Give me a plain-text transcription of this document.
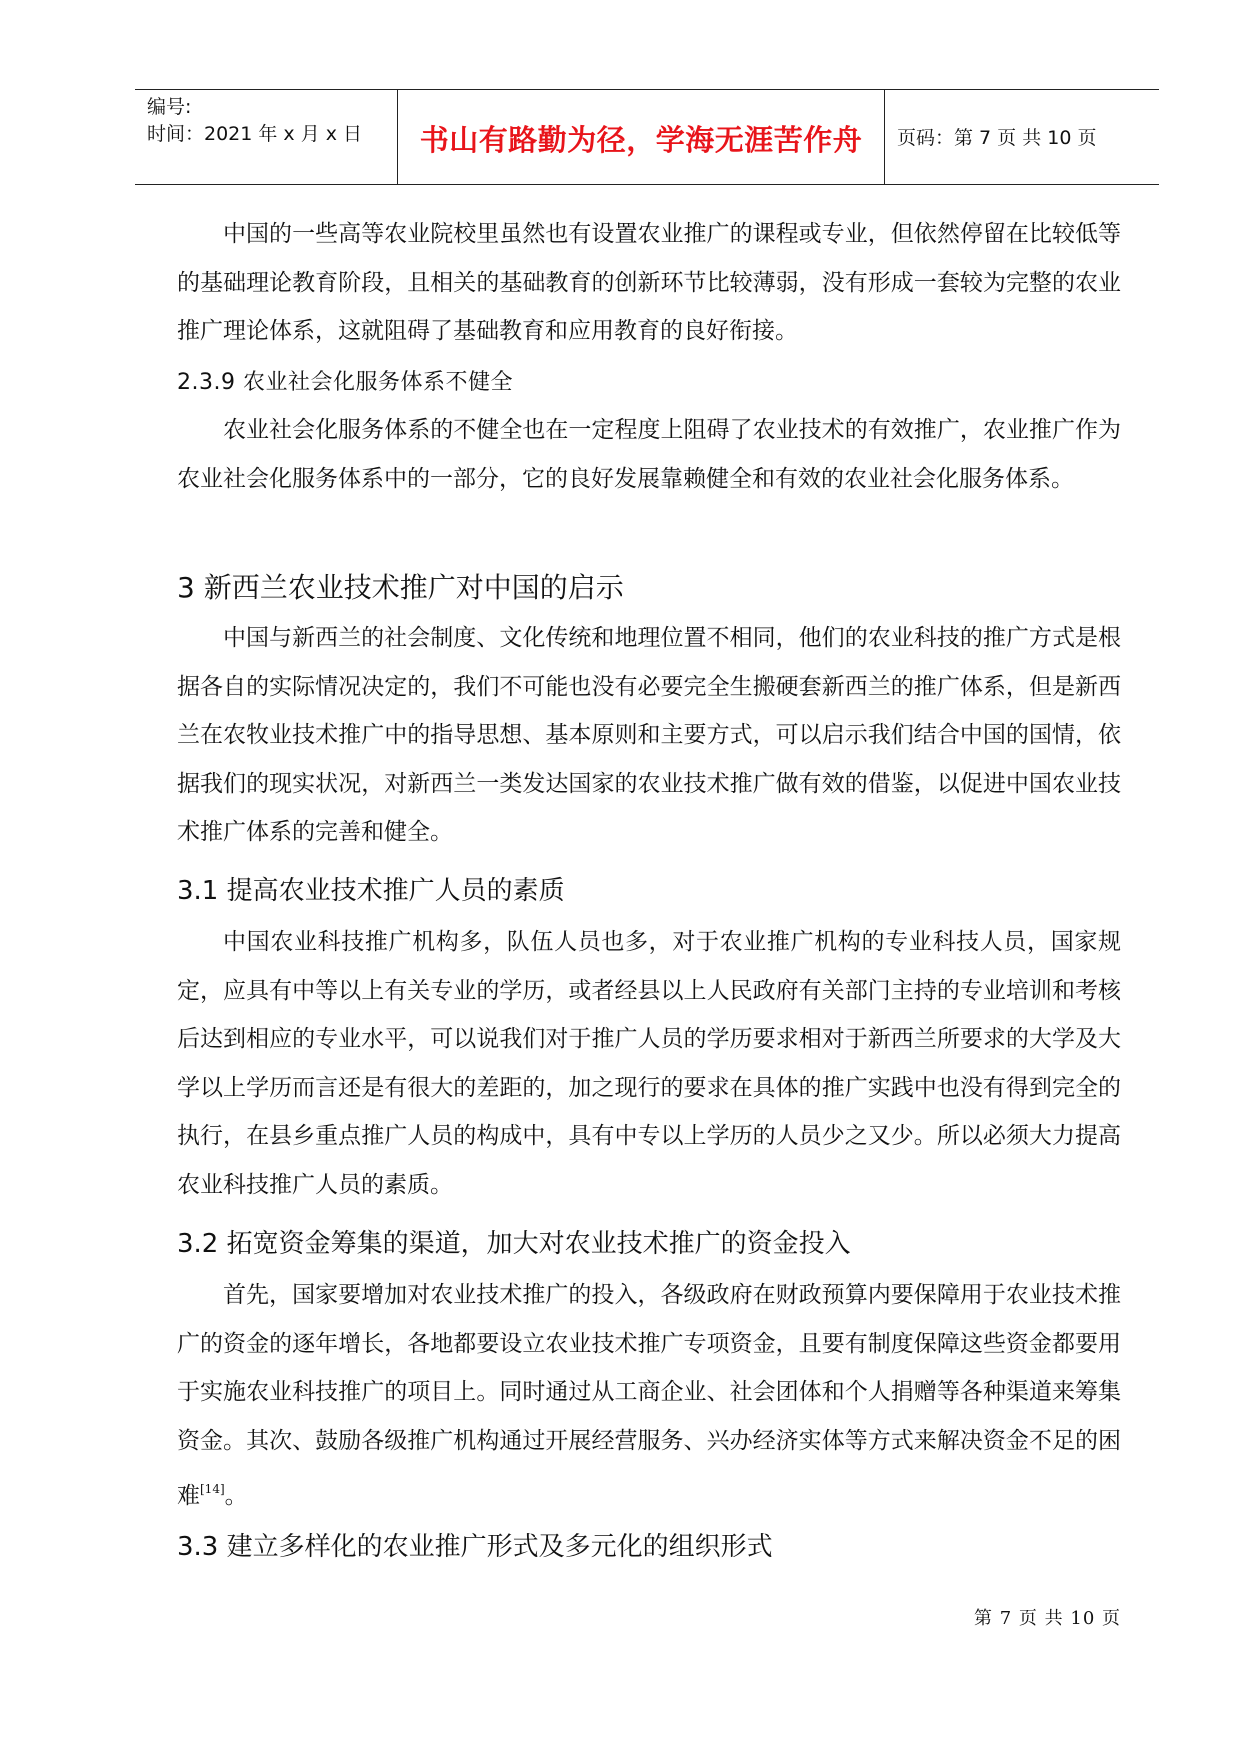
编号:
时间：2021 年 x 月 x 日	书山有路勤为径，学海无涯苦作舟	页码：第 7 页 共 10 页

中国的一些高等农业院校里虽然也有设置农业推广的课程或专业，但依然停留在比较低等的基础理论教育阶段，且相关的基础教育的创新环节比较薄弱，没有形成一套较为完整的农业推广理论体系，这就阻碍了基础教育和应用教育的良好衔接。

2.3.9 农业社会化服务体系不健全

农业社会化服务体系的不健全也在一定程度上阻碍了农业技术的有效推广，农业推广作为农业社会化服务体系中的一部分，它的良好发展靠赖健全和有效的农业社会化服务体系。

3 新西兰农业技术推广对中国的启示

中国与新西兰的社会制度、文化传统和地理位置不相同，他们的农业科技的推广方式是根据各自的实际情况决定的，我们不可能也没有必要完全生搬硬套新西兰的推广体系，但是新西兰在农牧业技术推广中的指导思想、基本原则和主要方式，可以启示我们结合中国的国情，依据我们的现实状况，对新西兰一类发达国家的农业技术推广做有效的借鉴，以促进中国农业技术推广体系的完善和健全。

3.1 提高农业技术推广人员的素质

中国农业科技推广机构多，队伍人员也多，对于农业推广机构的专业科技人员，国家规定，应具有中等以上有关专业的学历，或者经县以上人民政府有关部门主持的专业培训和考核后达到相应的专业水平，可以说我们对于推广人员的学历要求相对于新西兰所要求的大学及大学以上学历而言还是有很大的差距的，加之现行的要求在具体的推广实践中也没有得到完全的执行，在县乡重点推广人员的构成中，具有中专以上学历的人员少之又少。所以必须大力提高农业科技推广人员的素质。

3.2 拓宽资金筹集的渠道，加大对农业技术推广的资金投入

首先，国家要增加对农业技术推广的投入，各级政府在财政预算内要保障用于农业技术推广的资金的逐年增长，各地都要设立农业技术推广专项资金，且要有制度保障这些资金都要用于实施农业科技推广的项目上。同时通过从工商企业、社会团体和个人捐赠等各种渠道来筹集资金。其次、鼓励各级推广机构通过开展经营服务、兴办经济实体等方式来解决资金不足的困难[14]。

3.3 建立多样化的农业推广形式及多元化的组织形式
第 7 页 共 10 页
